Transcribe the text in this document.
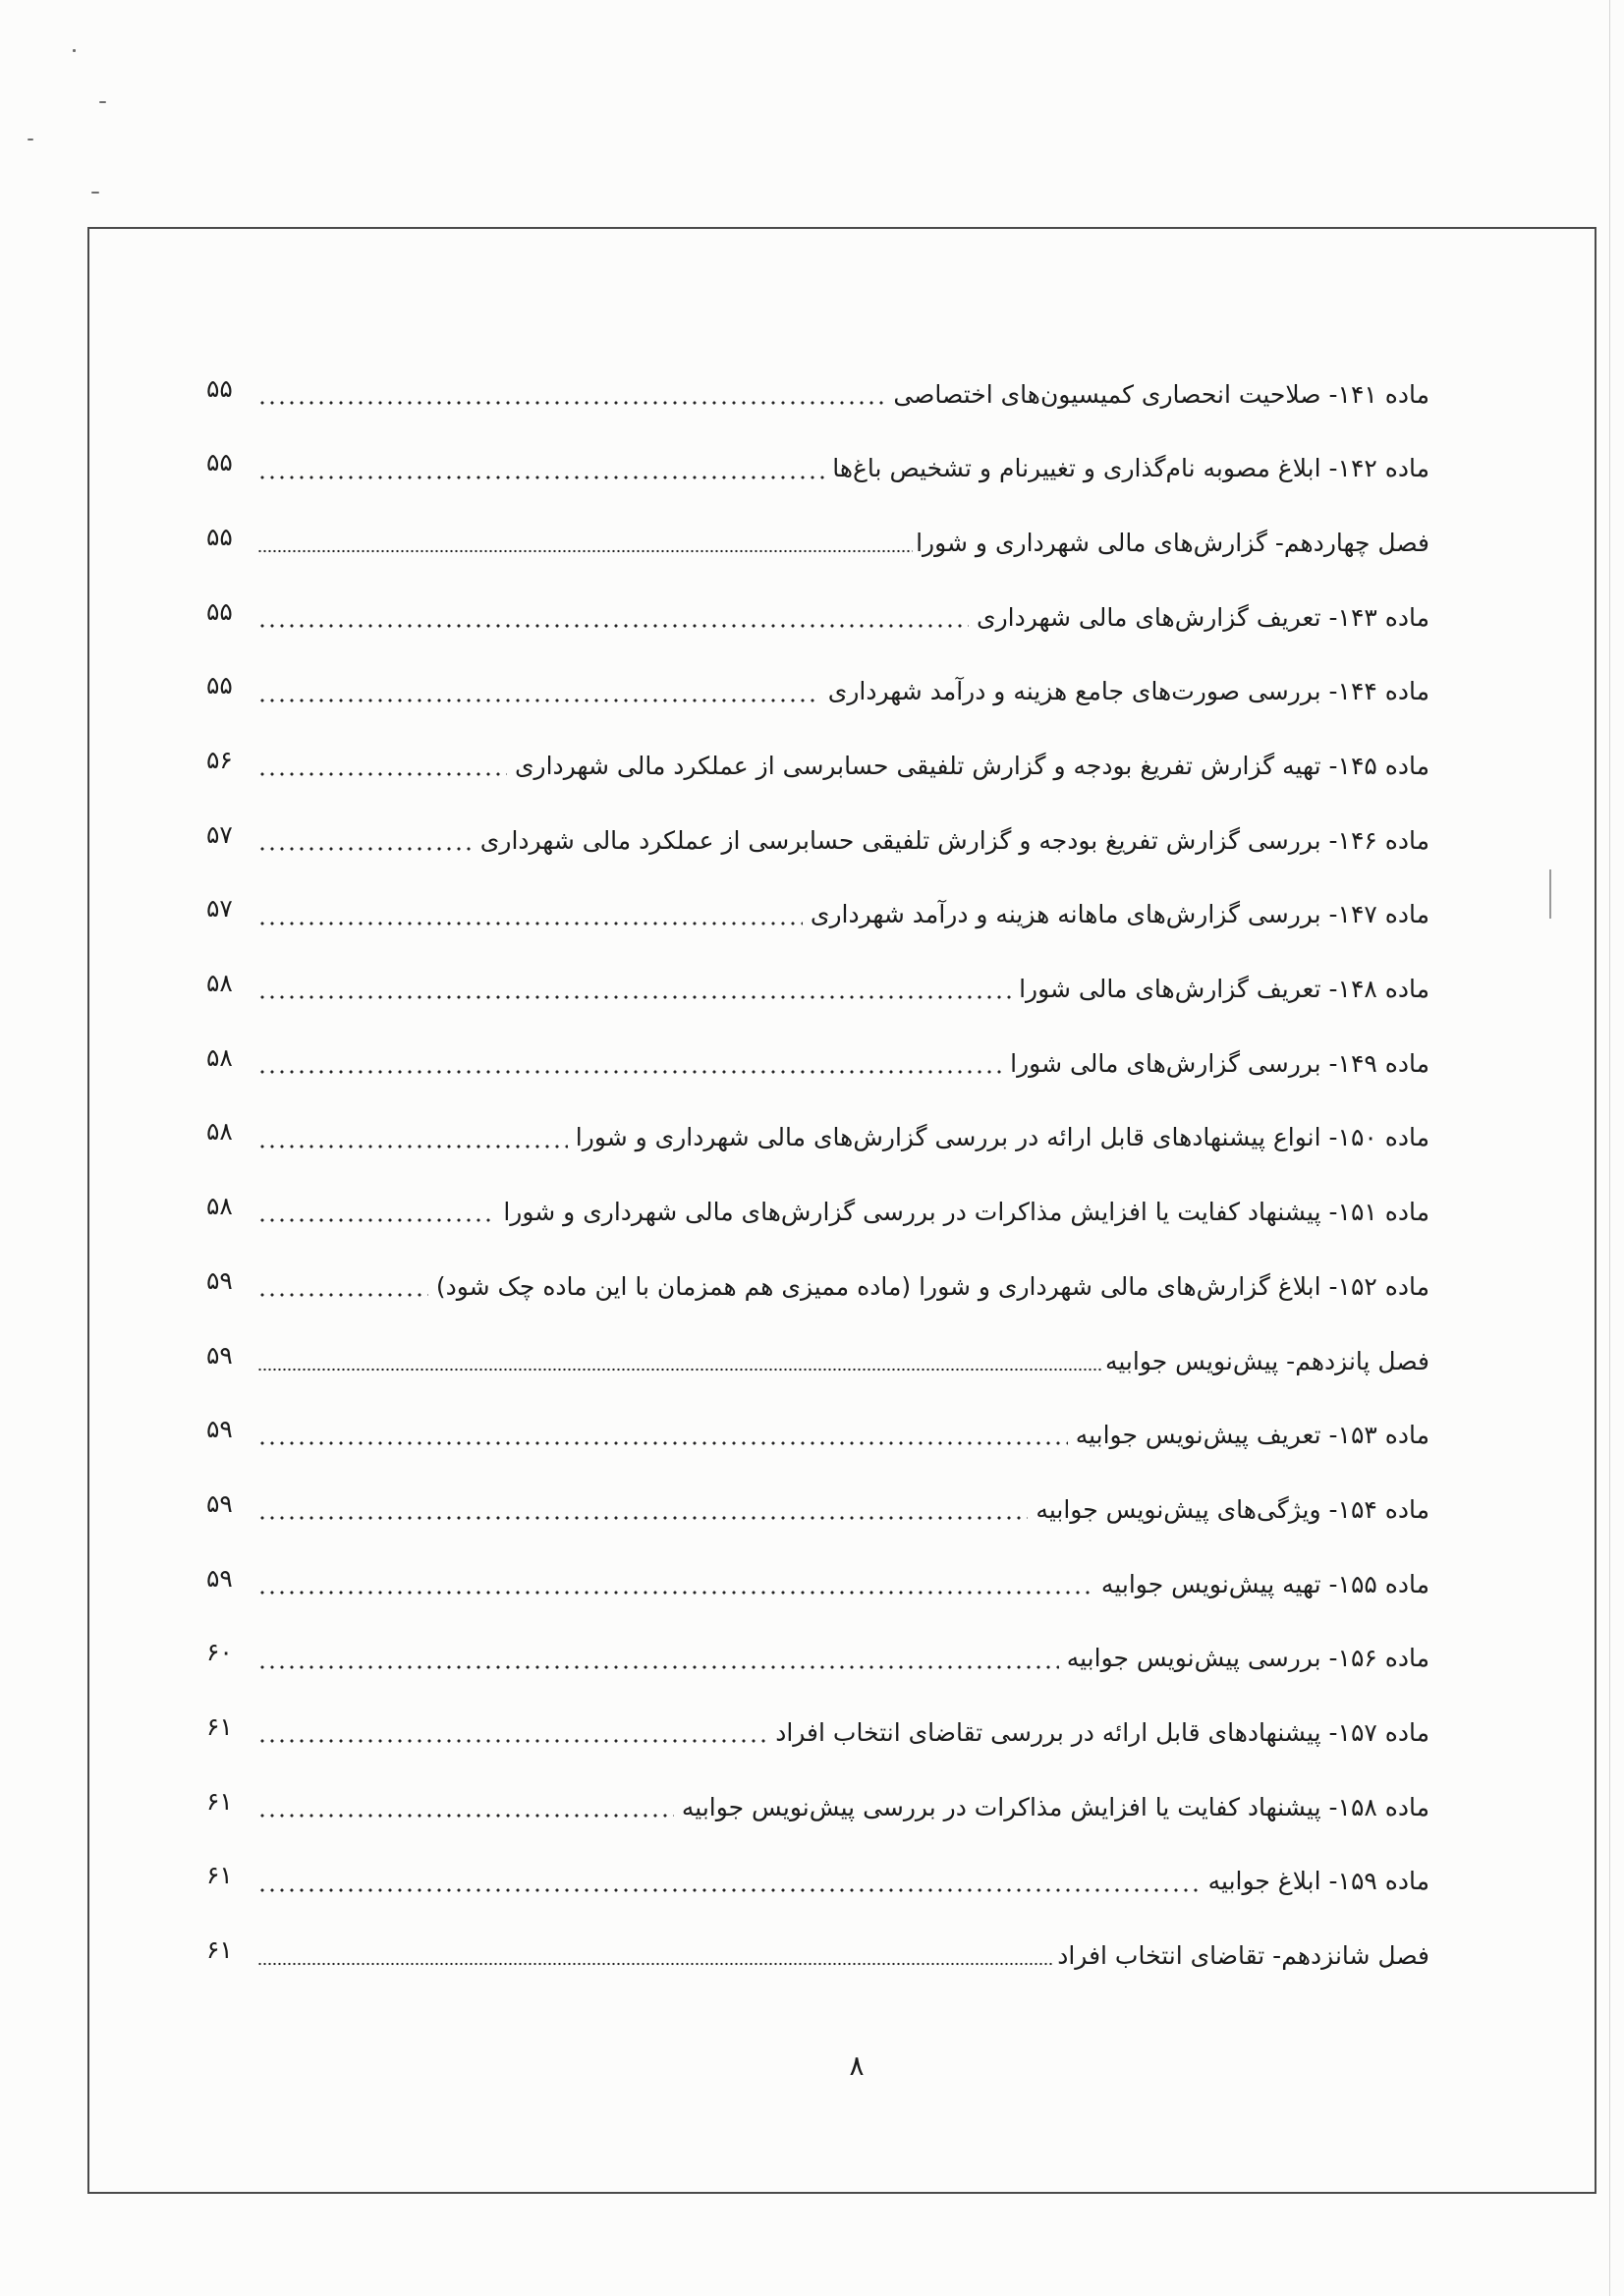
ماده ۱۴۱- صلاحیت انحصاری کمیسیون‌های اختصاصی
۵۵
ماده ۱۴۲- ابلاغ مصوبه نام‌گذاری و تغییرنام و تشخیص باغ‌ها
۵۵
فصل چهاردهم- گزارش‌های مالی شهرداری و شورا
۵۵
ماده ۱۴۳- تعریف گزارش‌های مالی شهرداری
۵۵
ماده ۱۴۴- بررسی صورت‌های جامع هزینه و درآمد شهرداری
۵۵
ماده ۱۴۵- تهیه گزارش تفریغ بودجه و گزارش تلفیقی حسابرسی از عملکرد مالی شهرداری
۵۶
ماده ۱۴۶- بررسی گزارش تفریغ بودجه و گزارش تلفیقی حسابرسی از عملکرد مالی شهرداری
۵۷
ماده ۱۴۷- بررسی گزارش‌های ماهانه هزینه و درآمد شهرداری
۵۷
ماده ۱۴۸- تعریف گزارش‌های مالی شورا
۵۸
ماده ۱۴۹- بررسی گزارش‌های مالی شورا
۵۸
ماده ۱۵۰- انواع پیشنهادهای قابل ارائه در بررسی گزارش‌های مالی شهرداری و شورا
۵۸
ماده ۱۵۱- پیشنهاد کفایت یا افزایش مذاکرات در بررسی گزارش‌های مالی شهرداری و شورا
۵۸
ماده ۱۵۲- ابلاغ گزارش‌های مالی شهرداری و شورا (ماده ممیزی هم همزمان با این ماده چک شود)
۵۹
فصل پانزدهم- پیش‌نویس جوابیه
۵۹
ماده ۱۵۳- تعریف پیش‌نویس جوابیه
۵۹
ماده ۱۵۴- ویژگی‌های پیش‌نویس جوابیه
۵۹
ماده ۱۵۵- تهیه پیش‌نویس جوابیه
۵۹
ماده ۱۵۶- بررسی پیش‌نویس جوابیه
۶۰
ماده ۱۵۷- پیشنهادهای قابل ارائه در بررسی تقاضای انتخاب افراد
۶۱
ماده ۱۵۸- پیشنهاد کفایت یا افزایش مذاکرات در بررسی پیش‌نویس جوابیه
۶۱
ماده ۱۵۹- ابلاغ جوابیه
۶۱
فصل شانزدهم- تقاضای انتخاب افراد
۶۱
۸
